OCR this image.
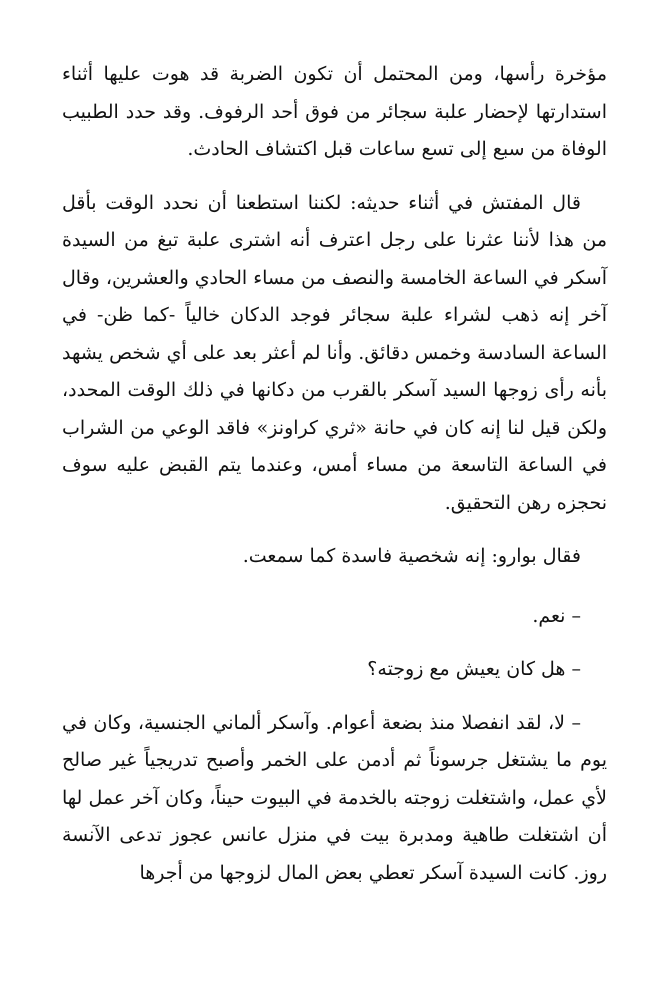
مؤخرة رأسها، ومن المحتمل أن تكون الضربة قد هوت عليها أثناء استدارتها لإحضار علبة سجائر من فوق أحد الرفوف. وقد حدد الطبيب الوفاة من سبع إلى تسع ساعات قبل اكتشاف الحادث.

قال المفتش في أثناء حديثه: لكننا استطعنا أن نحدد الوقت بأقل من هذا لأننا عثرنا على رجل اعترف أنه اشترى علبة تبغ من السيدة آسكر في الساعة الخامسة والنصف من مساء الحادي والعشرين، وقال آخر إنه ذهب لشراء علبة سجائر فوجد الدكان خالياً -كما ظن- في الساعة السادسة وخمس دقائق. وأنا لم أعثر بعد على أي شخص يشهد بأنه رأى زوجها السيد آسكر بالقرب من دكانها في ذلك الوقت المحدد، ولكن قيل لنا إنه كان في حانة «ثري كراونز» فاقد الوعي من الشراب في الساعة التاسعة من مساء أمس، وعندما يتم القبض عليه سوف نحجزه رهن التحقيق.

فقال بوارو: إنه شخصية فاسدة كما سمعت.

– نعم.

– هل كان يعيش مع زوجته؟

– لا، لقد انفصلا منذ بضعة أعوام. وآسكر ألماني الجنسية، وكان في يوم ما يشتغل جرسوناً ثم أدمن على الخمر وأصبح تدريجياً غير صالح لأي عمل، واشتغلت زوجته بالخدمة في البيوت حيناً، وكان آخر عمل لها أن اشتغلت طاهية ومدبرة بيت في منزل عانس عجوز تدعى الآنسة روز. كانت السيدة آسكر تعطي بعض المال لزوجها من أجرها
